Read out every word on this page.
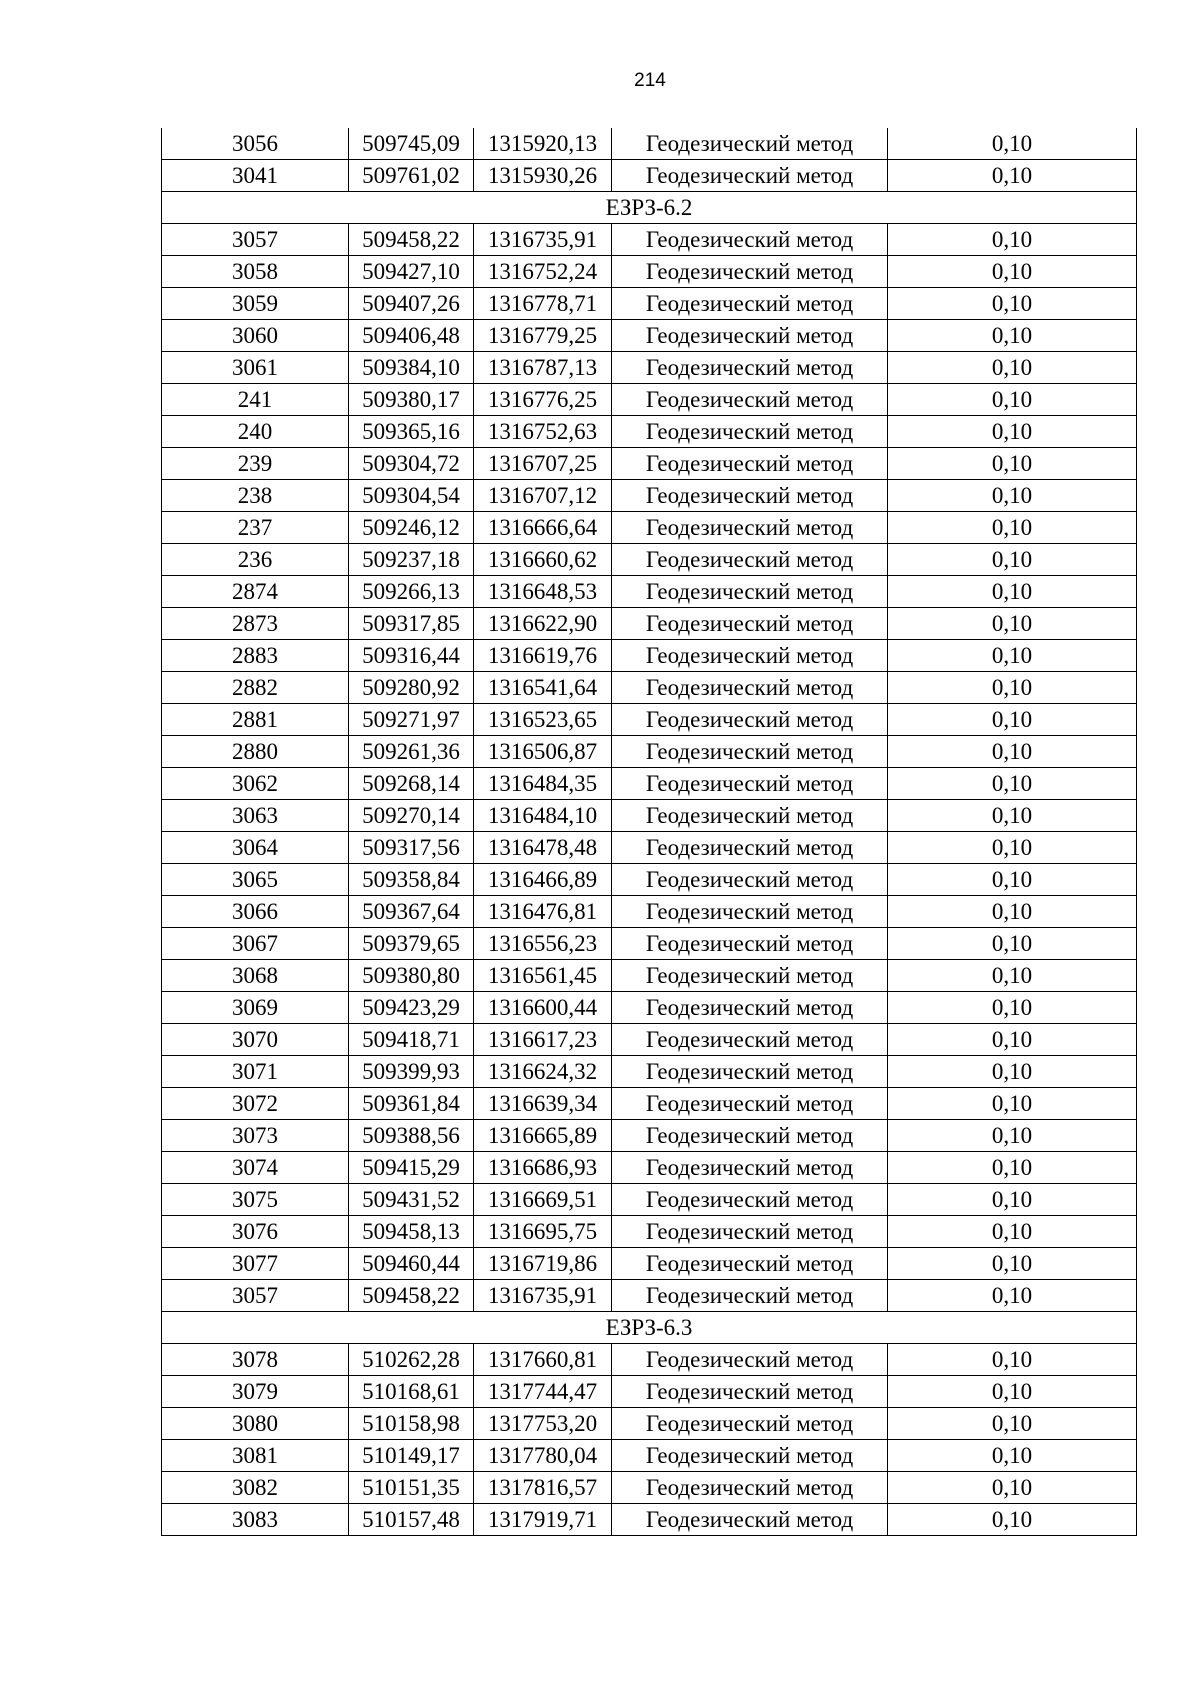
214
3056	509745,09	1315920,13	Геодезический метод	0,10
3041	509761,02	1315930,26	Геодезический метод	0,10
ЕЗРЗ-6.2				
3057	509458,22	1316735,91	Геодезический метод	0,10
3058	509427,10	1316752,24	Геодезический метод	0,10
3059	509407,26	1316778,71	Геодезический метод	0,10
3060	509406,48	1316779,25	Геодезический метод	0,10
3061	509384,10	1316787,13	Геодезический метод	0,10
241	509380,17	1316776,25	Геодезический метод	0,10
240	509365,16	1316752,63	Геодезический метод	0,10
239	509304,72	1316707,25	Геодезический метод	0,10
238	509304,54	1316707,12	Геодезический метод	0,10
237	509246,12	1316666,64	Геодезический метод	0,10
236	509237,18	1316660,62	Геодезический метод	0,10
2874	509266,13	1316648,53	Геодезический метод	0,10
2873	509317,85	1316622,90	Геодезический метод	0,10
2883	509316,44	1316619,76	Геодезический метод	0,10
2882	509280,92	1316541,64	Геодезический метод	0,10
2881	509271,97	1316523,65	Геодезический метод	0,10
2880	509261,36	1316506,87	Геодезический метод	0,10
3062	509268,14	1316484,35	Геодезический метод	0,10
3063	509270,14	1316484,10	Геодезический метод	0,10
3064	509317,56	1316478,48	Геодезический метод	0,10
3065	509358,84	1316466,89	Геодезический метод	0,10
3066	509367,64	1316476,81	Геодезический метод	0,10
3067	509379,65	1316556,23	Геодезический метод	0,10
3068	509380,80	1316561,45	Геодезический метод	0,10
3069	509423,29	1316600,44	Геодезический метод	0,10
3070	509418,71	1316617,23	Геодезический метод	0,10
3071	509399,93	1316624,32	Геодезический метод	0,10
3072	509361,84	1316639,34	Геодезический метод	0,10
3073	509388,56	1316665,89	Геодезический метод	0,10
3074	509415,29	1316686,93	Геодезический метод	0,10
3075	509431,52	1316669,51	Геодезический метод	0,10
3076	509458,13	1316695,75	Геодезический метод	0,10
3077	509460,44	1316719,86	Геодезический метод	0,10
3057	509458,22	1316735,91	Геодезический метод	0,10
ЕЗРЗ-6.3				
3078	510262,28	1317660,81	Геодезический метод	0,10
3079	510168,61	1317744,47	Геодезический метод	0,10
3080	510158,98	1317753,20	Геодезический метод	0,10
3081	510149,17	1317780,04	Геодезический метод	0,10
3082	510151,35	1317816,57	Геодезический метод	0,10
3083	510157,48	1317919,71	Геодезический метод	0,10
